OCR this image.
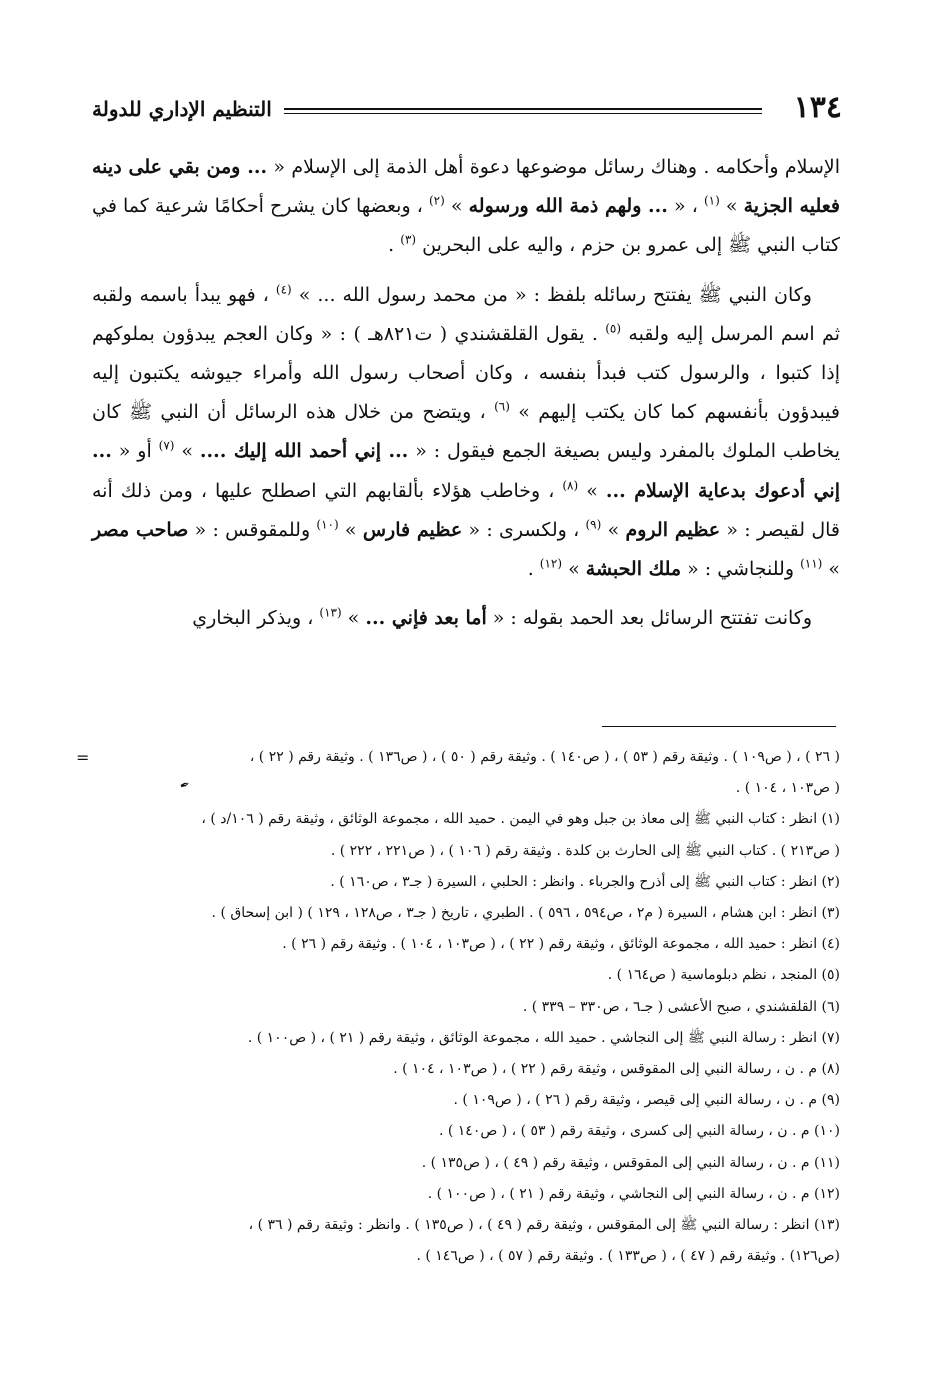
١٣٤
التنظيم الإداري للدولة

الإسلام وأحكامه . وهناك رسائل موضوعها دعوة أهل الذمة إلى الإسلام « ... ومن بقي على دينه فعليه الجزية » $^{(١)}$ ، « ... ولهم ذمة الله ورسوله » $^{(٢)}$ ، وبعضها كان يشرح أحكامًا شرعية كما في كتاب النبي ﷺ إلى عمرو بن حزم ، واليه على البحرين $^{(٣)}$ .

وكان النبي ﷺ يفتتح رسائله بلفظ : « من محمد رسول الله ... » $^{(٤)}$ ، فهو يبدأ باسمه ولقبه ثم اسم المرسل إليه ولقبه $^{(٥)}$ . يقول القلقشندي ( ت٨٢١هـ ) : « وكان العجم يبدؤون بملوكهم إذا كتبوا ، والرسول كتب فبدأ بنفسه ، وكان أصحاب رسول الله وأمراء جيوشه يكتبون إليه فيبدؤون بأنفسهم كما كان يكتب إليهم » $^{(٦)}$ ، ويتضح من خلال هذه الرسائل أن النبي ﷺ كان يخاطب الملوك بالمفرد وليس بصيغة الجمع فيقول : « ... إني أحمد الله إليك .... » $^{(٧)}$ أو « ... إني أدعوك بدعاية الإسلام ... » $^{(٨)}$ ، وخاطب هؤلاء بألقابهم التي اصطلح عليها ، ومن ذلك أنه قال لقيصر : « عظيم الروم » $^{(٩)}$ ، ولكسرى : « عظيم فارس » $^{(١٠)}$ وللمقوقس : « صاحب مصر » $^{(١١)}$ وللنجاشي : « ملك الحبشة » $^{(١٢)}$ .

وكانت تفتتح الرسائل بعد الحمد بقوله : « أما بعد فإني ... » $^{(١٣)}$ ، ويذكر البخاري

=
✒
( ٢٦ ) ، ( ص١٠٩ ) . وثيقة رقم ( ٥٣ ) ، ( ص١٤٠ ) . وثيقة رقم ( ٥٠ ) ، ( ص١٣٦ ) . وثيقة رقم ( ٢٢ ) ،
( ص١٠٣ ، ١٠٤ ) .
(١) انظر : كتاب النبي ﷺ إلى معاذ بن جبل وهو في اليمن . حميد الله ، مجموعة الوثائق ، وثيقة رقم ( ١٠٦/د ) ،
( ص٢١٣ ) . كتاب النبي ﷺ إلى الحارث بن كلدة . وثيقة رقم ( ١٠٦ ) ، ( ص٢٢١ ، ٢٢٢ ) .
(٢) انظر : كتاب النبي ﷺ إلى أذرح والجرباء . وانظر : الحلبي ، السيرة ( جـ٣ ، ص١٦٠ ) .
(٣) انظر : ابن هشام ، السيرة ( م٢ ، ص٥٩٤ ، ٥٩٦ ) . الطبري ، تاريخ ( جـ٣ ، ص١٢٨ ، ١٢٩ ) ( ابن إسحاق ) .
(٤) انظر : حميد الله ، مجموعة الوثائق ، وثيقة رقم ( ٢٢ ) ، ( ص١٠٣ ، ١٠٤ ) . وثيقة رقم ( ٢٦ ) .
(٥) المنجد ، نظم دبلوماسية ( ص١٦٤ ) .
(٦) القلقشندي ، صبح الأعشى ( جـ٦ ، ص٣٣٠ – ٣٣٩ ) .
(٧) انظر : رسالة النبي ﷺ إلى النجاشي . حميد الله ، مجموعة الوثائق ، وثيقة رقم ( ٢١ ) ، ( ص١٠٠ ) .
(٨) م . ن ، رسالة النبي إلى المقوقس ، وثيقة رقم ( ٢٢ ) ، ( ص١٠٣ ، ١٠٤ ) .
(٩) م . ن ، رسالة النبي إلى قيصر ، وثيقة رقم ( ٢٦ ) ، ( ص١٠٩ ) .
(١٠) م . ن ، رسالة النبي إلى كسرى ، وثيقة رقم ( ٥٣ ) ، ( ص١٤٠ ) .
(١١) م . ن ، رسالة النبي إلى المقوقس ، وثيقة رقم ( ٤٩ ) ، ( ص١٣٥ ) .
(١٢) م . ن ، رسالة النبي إلى النجاشي ، وثيقة رقم ( ٢١ ) ، ( ص١٠٠ ) .
(١٣) انظر : رسالة النبي ﷺ إلى المقوقس ، وثيقة رقم ( ٤٩ ) ، ( ص١٣٥ ) . وانظر : وثيقة رقم ( ٣٦ ) ،
(ص١٢٦) . وثيقة رقم ( ٤٧ ) ، ( ص١٣٣ ) . وثيقة رقم ( ٥٧ ) ، ( ص١٤٦ ) .
